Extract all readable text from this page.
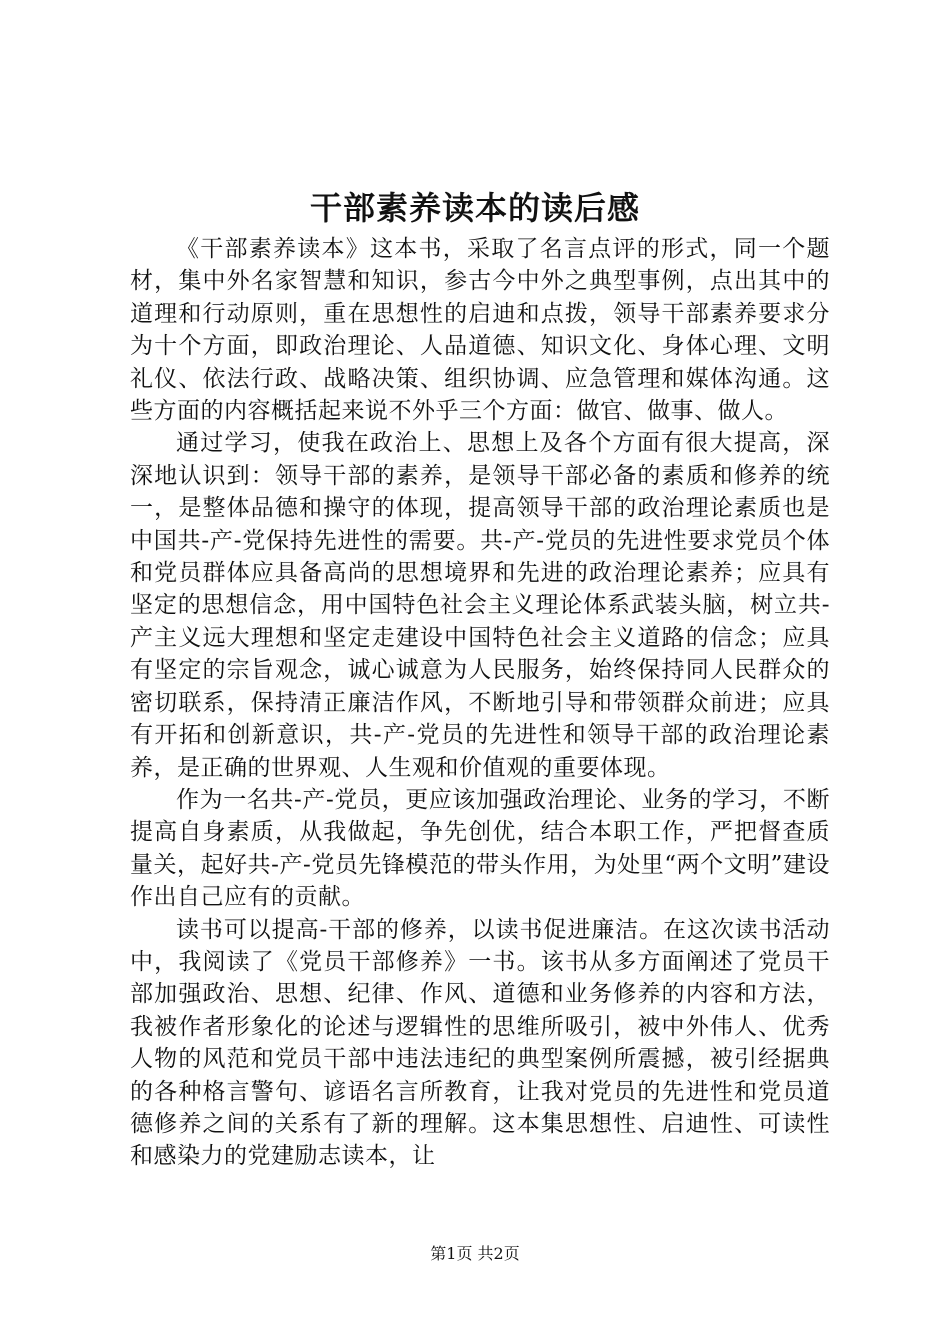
干部素养读本的读后感

《干部素养读本》这本书，采取了名言点评的形式，同一个题材，集中外名家智慧和知识，参古今中外之典型事例，点出其中的道理和行动原则，重在思想性的启迪和点拨，领导干部素养要求分为十个方面，即政治理论、人品道德、知识文化、身体心理、文明礼仪、依法行政、战略决策、组织协调、应急管理和媒体沟通。这些方面的内容概括起来说不外乎三个方面：做官、做事、做人。

通过学习，使我在政治上、思想上及各个方面有很大提高，深深地认识到：领导干部的素养，是领导干部必备的素质和修养的统一，是整体品德和操守的体现，提高领导干部的政治理论素质也是中国共-产-党保持先进性的需要。共-产-党员的先进性要求党员个体和党员群体应具备高尚的思想境界和先进的政治理论素养；应具有坚定的思想信念，用中国特色社会主义理论体系武装头脑，树立共-产主义远大理想和坚定走建设中国特色社会主义道路的信念；应具有坚定的宗旨观念，诚心诚意为人民服务，始终保持同人民群众的密切联系，保持清正廉洁作风，不断地引导和带领群众前进；应具有开拓和创新意识，共-产-党员的先进性和领导干部的政治理论素养，是正确的世界观、人生观和价值观的重要体现。

作为一名共-产-党员，更应该加强政治理论、业务的学习，不断提高自身素质，从我做起，争先创优，结合本职工作，严把督查质量关，起好共-产-党员先锋模范的带头作用，为处里“两个文明”建设作出自己应有的贡献。

读书可以提高-干部的修养，以读书促进廉洁。在这次读书活动中，我阅读了《党员干部修养》一书。该书从多方面阐述了党员干部加强政治、思想、纪律、作风、道德和业务修养的内容和方法，我被作者形象化的论述与逻辑性的思维所吸引，被中外伟人、优秀人物的风范和党员干部中违法违纪的典型案例所震撼，被引经据典的各种格言警句、谚语名言所教育，让我对党员的先进性和党员道德修养之间的关系有了新的理解。这本集思想性、启迪性、可读性和感染力的党建励志读本，让

第1页 共2页
